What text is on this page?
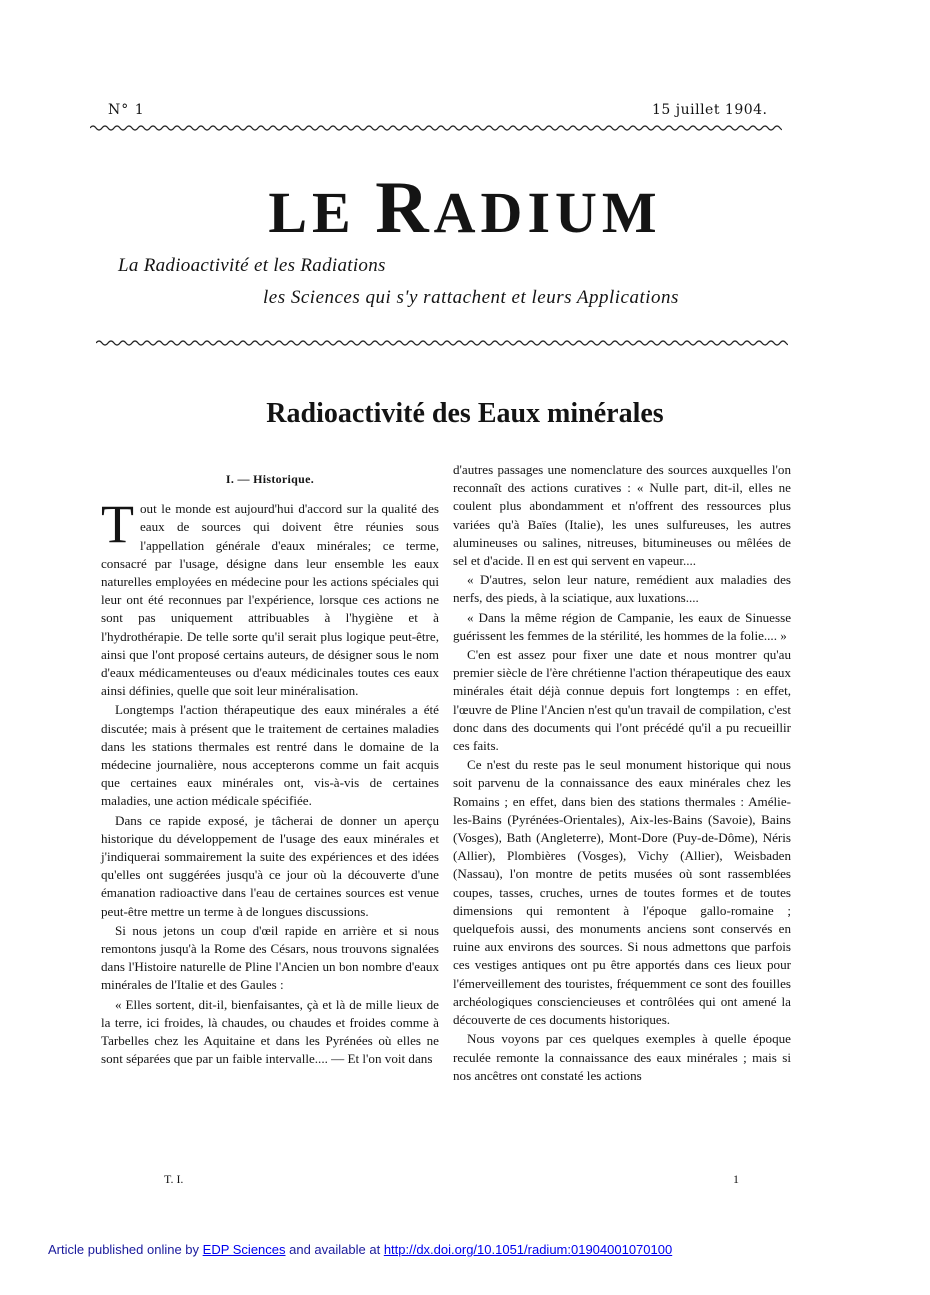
N° 1	15 juillet 1904.
LE RADIUM
La Radioactivité et les Radiations
les Sciences qui s'y rattachent et leurs Applications
Radioactivité des Eaux minérales
I. — Historique.

Tout le monde est aujourd'hui d'accord sur la qualité des eaux de sources qui doivent être réunies sous l'appellation générale d'eaux minérales; ce terme, consacré par l'usage, désigne dans leur ensemble les eaux naturelles employées en médecine pour les actions spéciales qui leur ont été reconnues par l'expérience, lorsque ces actions ne sont pas uniquement attribuables à l'hygiène et à l'hydrothérapie. De telle sorte qu'il serait plus logique peut-être, ainsi que l'ont proposé certains auteurs, de désigner sous le nom d'eaux médicamenteuses ou d'eaux médicinales toutes ces eaux ainsi définies, quelle que soit leur minéralisation.

Longtemps l'action thérapeutique des eaux minérales a été discutée; mais à présent que le traitement de certaines maladies dans les stations thermales est rentré dans le domaine de la médecine journalière, nous accepterons comme un fait acquis que certaines eaux minérales ont, vis-à-vis de certaines maladies, une action médicale spécifiée.

Dans ce rapide exposé, je tâcherai de donner un aperçu historique du développement de l'usage des eaux minérales et j'indiquerai sommairement la suite des expériences et des idées qu'elles ont suggérées jusqu'à ce jour où la découverte d'une émanation radioactive dans l'eau de certaines sources est venue peut-être mettre un terme à de longues discussions.

Si nous jetons un coup d'œil rapide en arrière et si nous remontons jusqu'à la Rome des Césars, nous trouvons signalées dans l'Histoire naturelle de Pline l'Ancien un bon nombre d'eaux minérales de l'Italie et des Gaules :

« Elles sortent, dit-il, bienfaisantes, çà et là de mille lieux de la terre, ici froides, là chaudes, ou chaudes et froides comme à Tarbelles chez les Aquitaine et dans les Pyrénées où elles ne sont séparées que par un faible intervalle.... — Et l'on voit dans

d'autres passages une nomenclature des sources auxquelles l'on reconnaît des actions curatives : « Nulle part, dit-il, elles ne coulent plus abondamment et n'offrent des ressources plus variées qu'à Baïes (Italie), les unes sulfureuses, les autres alumineuses ou salines, nitreuses, bitumineuses ou mêlées de sel et d'acide. Il en est qui servent en vapeur....

« D'autres, selon leur nature, remédient aux maladies des nerfs, des pieds, à la sciatique, aux luxations....

« Dans la même région de Campanie, les eaux de Sinuesse guérissent les femmes de la stérilité, les hommes de la folie.... »

C'en est assez pour fixer une date et nous montrer qu'au premier siècle de l'ère chrétienne l'action thérapeutique des eaux minérales était déjà connue depuis fort longtemps : en effet, l'œuvre de Pline l'Ancien n'est qu'un travail de compilation, c'est donc dans des documents qui l'ont précédé qu'il a pu recueillir ces faits.

Ce n'est du reste pas le seul monument historique qui nous soit parvenu de la connaissance des eaux minérales chez les Romains ; en effet, dans bien des stations thermales : Amélie-les-Bains (Pyrénées-Orientales), Aix-les-Bains (Savoie), Bains (Vosges), Bath (Angleterre), Mont-Dore (Puy-de-Dôme), Néris (Allier), Plombières (Vosges), Vichy (Allier), Weisbaden (Nassau), l'on montre de petits musées où sont rassemblées coupes, tasses, cruches, urnes de toutes formes et de toutes dimensions qui remontent à l'époque gallo-romaine ; quelquefois aussi, des monuments anciens sont conservés en ruine aux environs des sources. Si nous admettons que parfois ces vestiges antiques ont pu être apportés dans ces lieux pour l'émerveillement des touristes, fréquemment ce sont des fouilles archéologiques consciencieuses et contrôlées qui ont amené la découverte de ces documents historiques.

Nous voyons par ces quelques exemples à quelle époque reculée remonte la connaissance des eaux minérales ; mais si nos ancêtres ont constaté les actions

T. I.	1
Article published online by EDP Sciences and available at http://dx.doi.org/10.1051/radium:01904001070100
